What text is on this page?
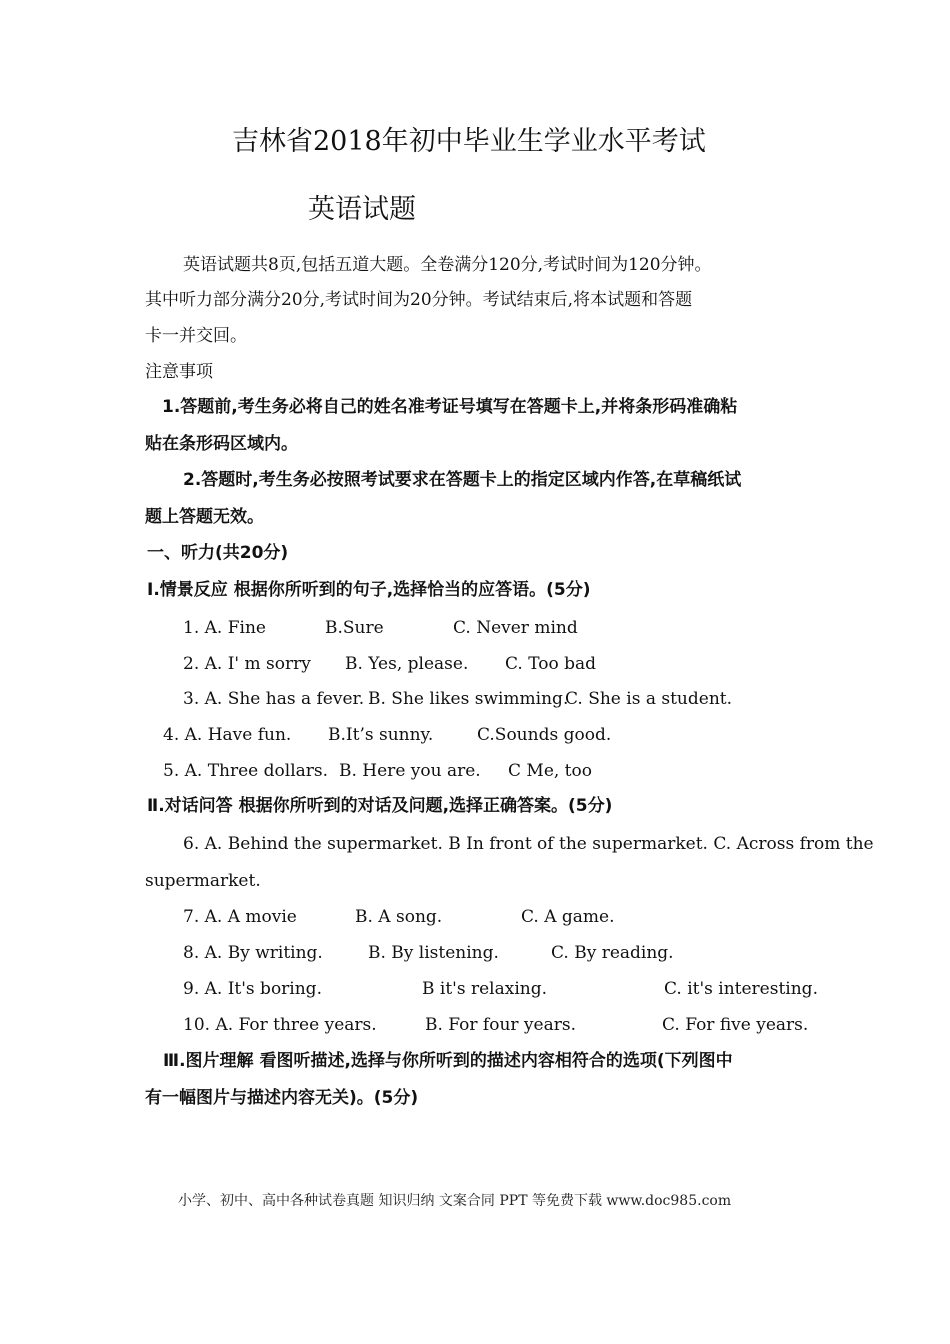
吉林省2018年初中毕业生学业水平考试
英语试题
英语试题共8页,包括五道大题。全卷满分120分,考试时间为120分钟。
其中听力部分满分20分,考试时间为20分钟。考试结束后,将本试题和答题
卡一并交回。
注意事项
1.答题前,考生务必将自己的姓名准考证号填写在答题卡上,并将条形码准确粘
贴在条形码区域内。
2.答题时,考生务必按照考试要求在答题卡上的指定区域内作答,在草稿纸试
题上答题无效。
一、听力(共20分)
Ⅰ.情景反应 根据你所听到的句子,选择恰当的应答语。(5分)
1. A. Fine	B.Sure	C. Never mind
2. A. I' m sorry B. Yes, please. C. Too bad
3. A. She has a fever. B. She likes swimming.
C. She is a student.
4. A. Have fun. B.It’s sunny.	C.Sounds good.
5. A. Three dollars. B. Here you are. C Me, too
Ⅱ.对话问答 根据你所听到的对话及问题,选择正确答案。(5分)
6. A. Behind the supermarket. B In front of the supermarket. C. Across from the
supermarket.
7. A. A movie	B. A song.	C. A game.
8. A. By writing.	B. By listening.	C. By reading.
9. A. It's boring.	B it's relaxing.	C. it's interesting.
10. A. For three years.	B. For four years.	C. For five years.
Ⅲ.图片理解 看图听描述,选择与你所听到的描述内容相符合的选项(下列图中
有一幅图片与描述内容无关)。(5分)
小学、初中、高中各种试卷真题 知识归纳 文案合同 PPT 等免费下载 www.doc985.com
